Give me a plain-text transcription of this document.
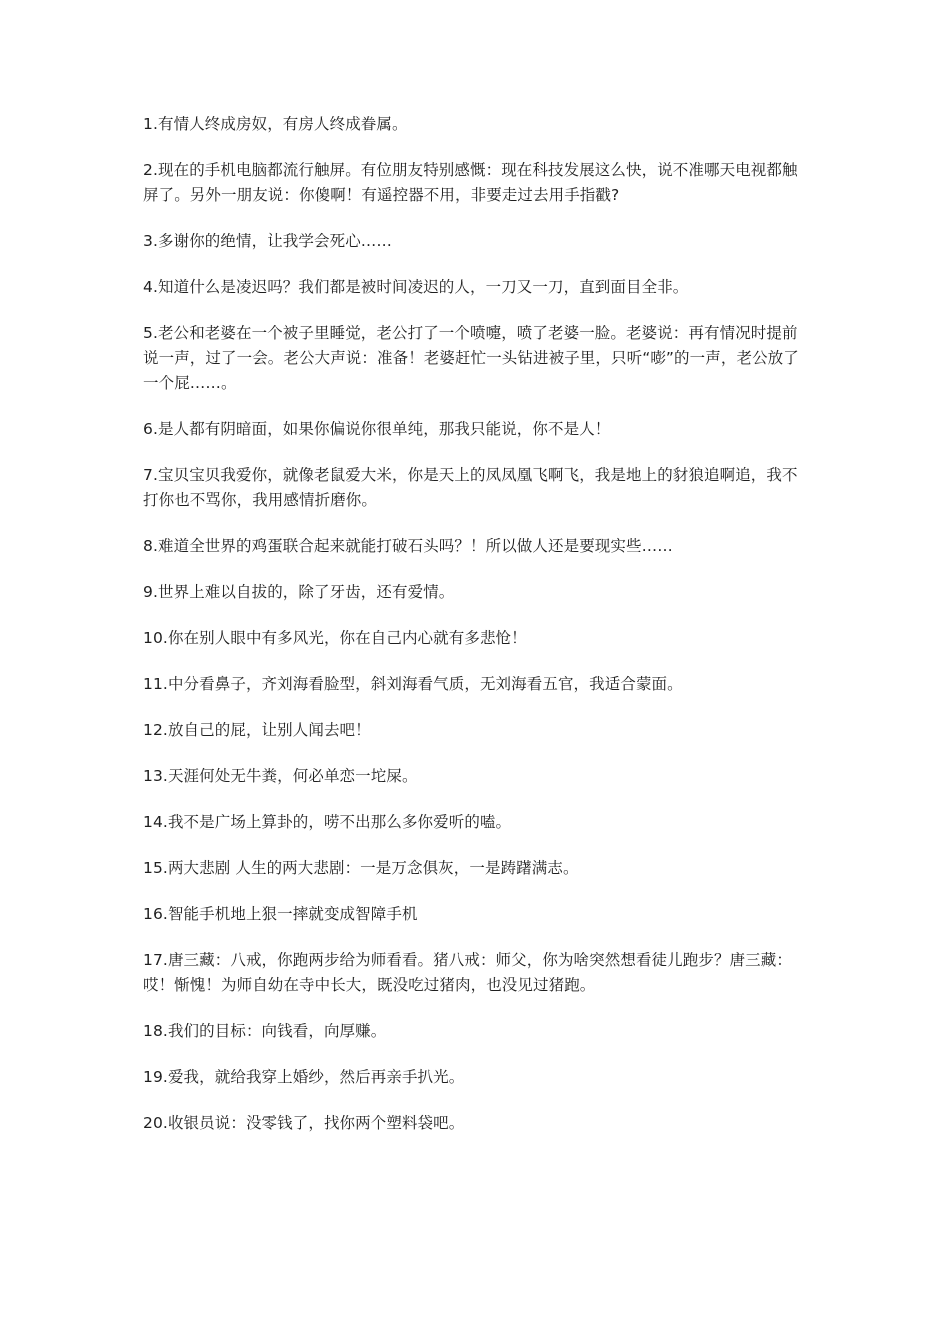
1.有情人终成房奴，有房人终成眷属。

2.现在的手机电脑都流行触屏。有位朋友特别感慨：现在科技发展这么快，说不准哪天电视都触屏了。另外一朋友说：你傻啊！有遥控器不用，非要走过去用手指戳?

3.多谢你的绝情，让我学会死心……

4.知道什么是凌迟吗？我们都是被时间凌迟的人，一刀又一刀，直到面目全非。

5.老公和老婆在一个被子里睡觉，老公打了一个喷嚏，喷了老婆一脸。老婆说：再有情况时提前说一声，过了一会。老公大声说：准备！老婆赶忙一头钻进被子里，只听“嘭”的一声，老公放了一个屁……。

6.是人都有阴暗面，如果你偏说你很单纯，那我只能说，你不是人！

7.宝贝宝贝我爱你，就像老鼠爱大米，你是天上的凤凤凰飞啊飞，我是地上的豺狼追啊追，我不打你也不骂你，我用感情折磨你。

8.难道全世界的鸡蛋联合起来就能打破石头吗？！所以做人还是要现实些……

9.世界上难以自拔的，除了牙齿，还有爱情。

10.你在别人眼中有多风光，你在自己内心就有多悲怆！

11.中分看鼻子，齐刘海看脸型，斜刘海看气质，无刘海看五官，我适合蒙面。

12.放自己的屁，让别人闻去吧！

13.天涯何处无牛粪，何必单恋一坨屎。

14.我不是广场上算卦的，唠不出那么多你爱听的嗑。

15.两大悲剧 人生的两大悲剧：一是万念俱灰，一是踌躇满志。

16.智能手机地上狠一摔就变成智障手机

17.唐三藏：八戒，你跑两步给为师看看。猪八戒：师父，你为啥突然想看徒儿跑步？唐三藏：哎！惭愧！为师自幼在寺中长大，既没吃过猪肉，也没见过猪跑。

18.我们的目标：向钱看，向厚赚。

19.爱我，就给我穿上婚纱，然后再亲手扒光。

20.收银员说：没零钱了，找你两个塑料袋吧。
